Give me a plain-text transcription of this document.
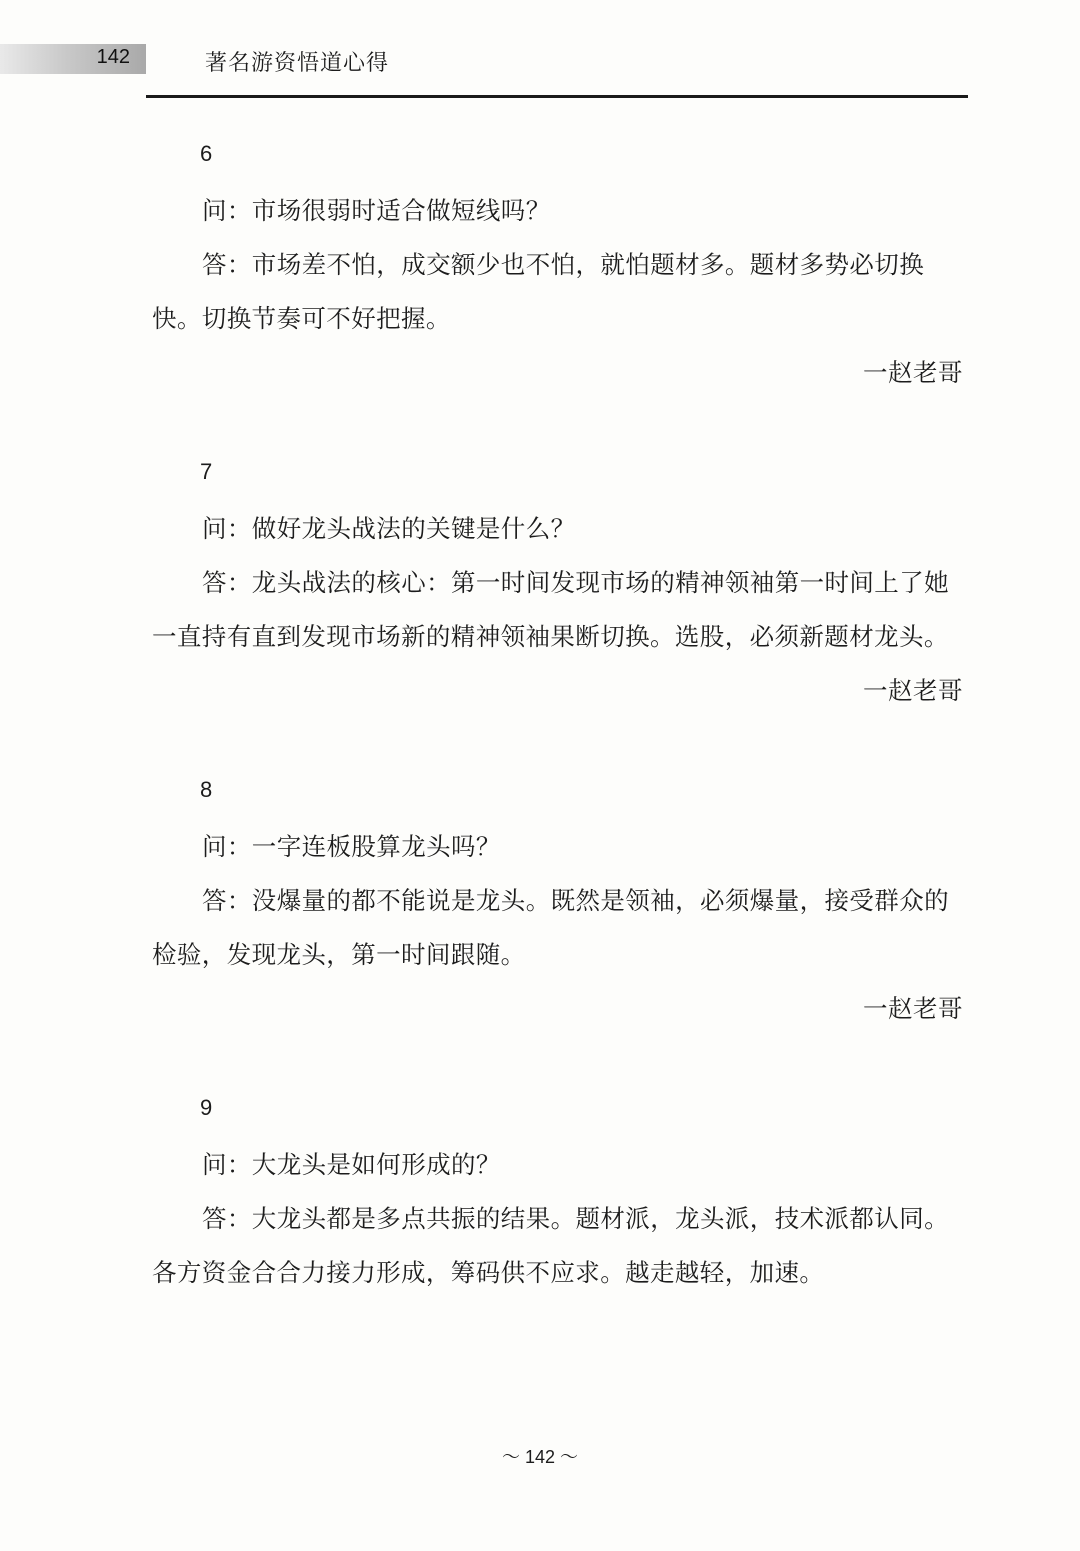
142	著名游资悟道心得
6

问：市场很弱时适合做短线吗？

答：市场差不怕，成交额少也不怕，就怕题材多。题材多势必切换快。切换节奏可不好把握。

一赵老哥
7

问：做好龙头战法的关键是什么？

答：龙头战法的核心：第一时间发现市场的精神领袖第一时间上了她一直持有直到发现市场新的精神领袖果断切换。选股，必须新题材龙头。

一赵老哥
8

问：一字连板股算龙头吗？

答：没爆量的都不能说是龙头。既然是领袖，必须爆量，接受群众的检验，发现龙头，第一时间跟随。

一赵老哥
9

问：大龙头是如何形成的？

答：大龙头都是多点共振的结果。题材派，龙头派，技术派都认同。各方资金合合力接力形成，筹码供不应求。越走越轻，加速。

～ 142 ～
